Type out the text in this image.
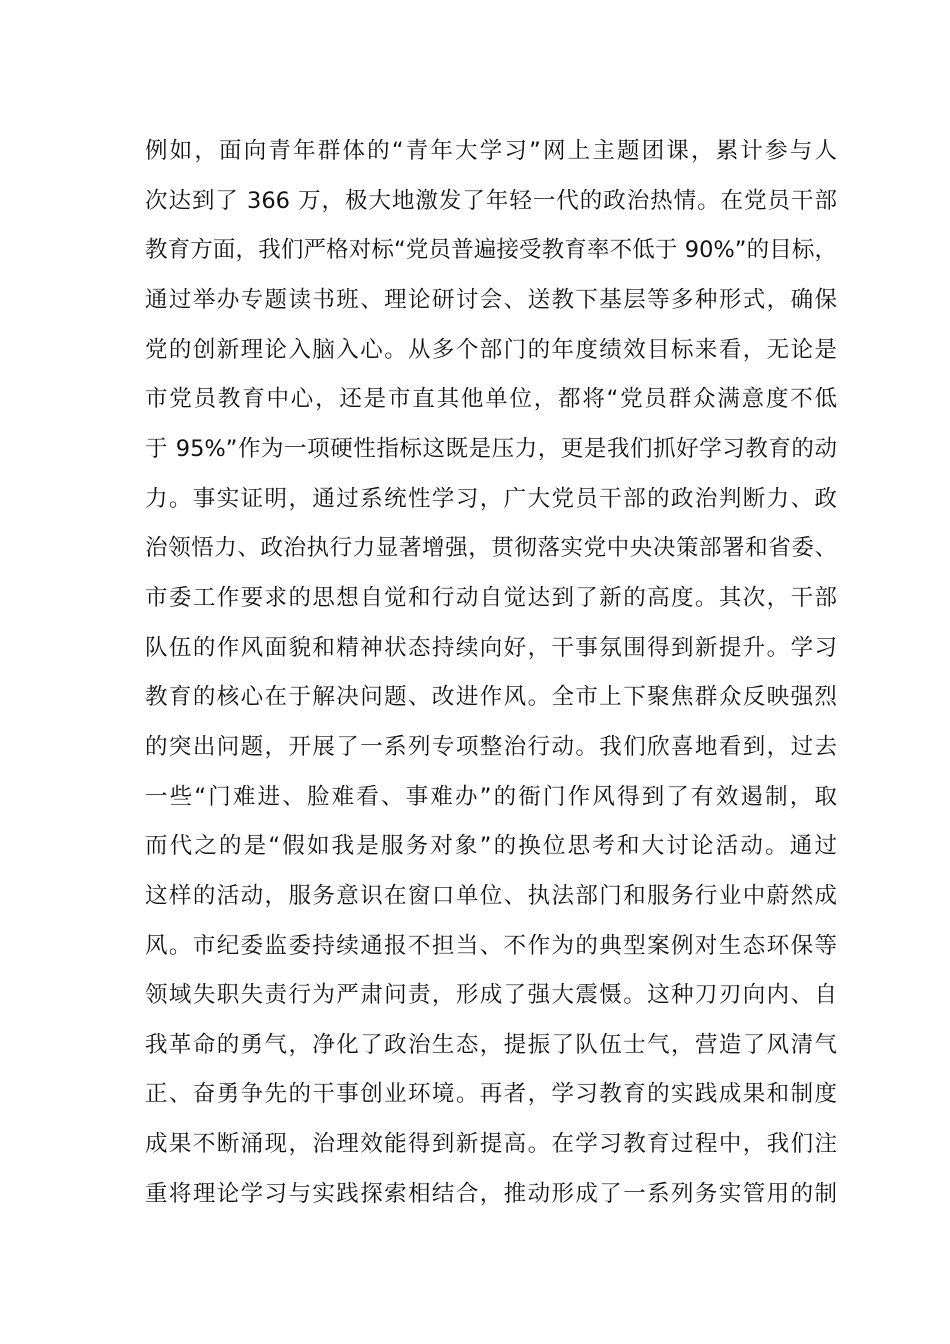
例如，面向青年群体的“青年大学习”网上主题团课，累计参与人
次达到了 366 万，极大地激发了年轻一代的政治热情。在党员干部
教育方面，我们严格对标“党员普遍接受教育率不低于 90%”的目标，
通过举办专题读书班、理论研讨会、送教下基层等多种形式，确保
党的创新理论入脑入心。从多个部门的年度绩效目标来看，无论是
市党员教育中心，还是市直其他单位，都将“党员群众满意度不低
于 95%”作为一项硬性指标这既是压力，更是我们抓好学习教育的动
力。事实证明，通过系统性学习，广大党员干部的政治判断力、政
治领悟力、政治执行力显著增强，贯彻落实党中央决策部署和省委、
市委工作要求的思想自觉和行动自觉达到了新的高度。其次，干部
队伍的作风面貌和精神状态持续向好，干事氛围得到新提升。学习
教育的核心在于解决问题、改进作风。全市上下聚焦群众反映强烈
的突出问题，开展了一系列专项整治行动。我们欣喜地看到，过去
一些“门难进、脸难看、事难办”的衙门作风得到了有效遏制，取
而代之的是“假如我是服务对象”的换位思考和大讨论活动。通过
这样的活动，服务意识在窗口单位、执法部门和服务行业中蔚然成
风。市纪委监委持续通报不担当、不作为的典型案例对生态环保等
领域失职失责行为严肃问责，形成了强大震慑。这种刀刃向内、自
我革命的勇气，净化了政治生态，提振了队伍士气，营造了风清气
正、奋勇争先的干事创业环境。再者，学习教育的实践成果和制度
成果不断涌现，治理效能得到新提高。在学习教育过程中，我们注
重将理论学习与实践探索相结合，推动形成了一系列务实管用的制
